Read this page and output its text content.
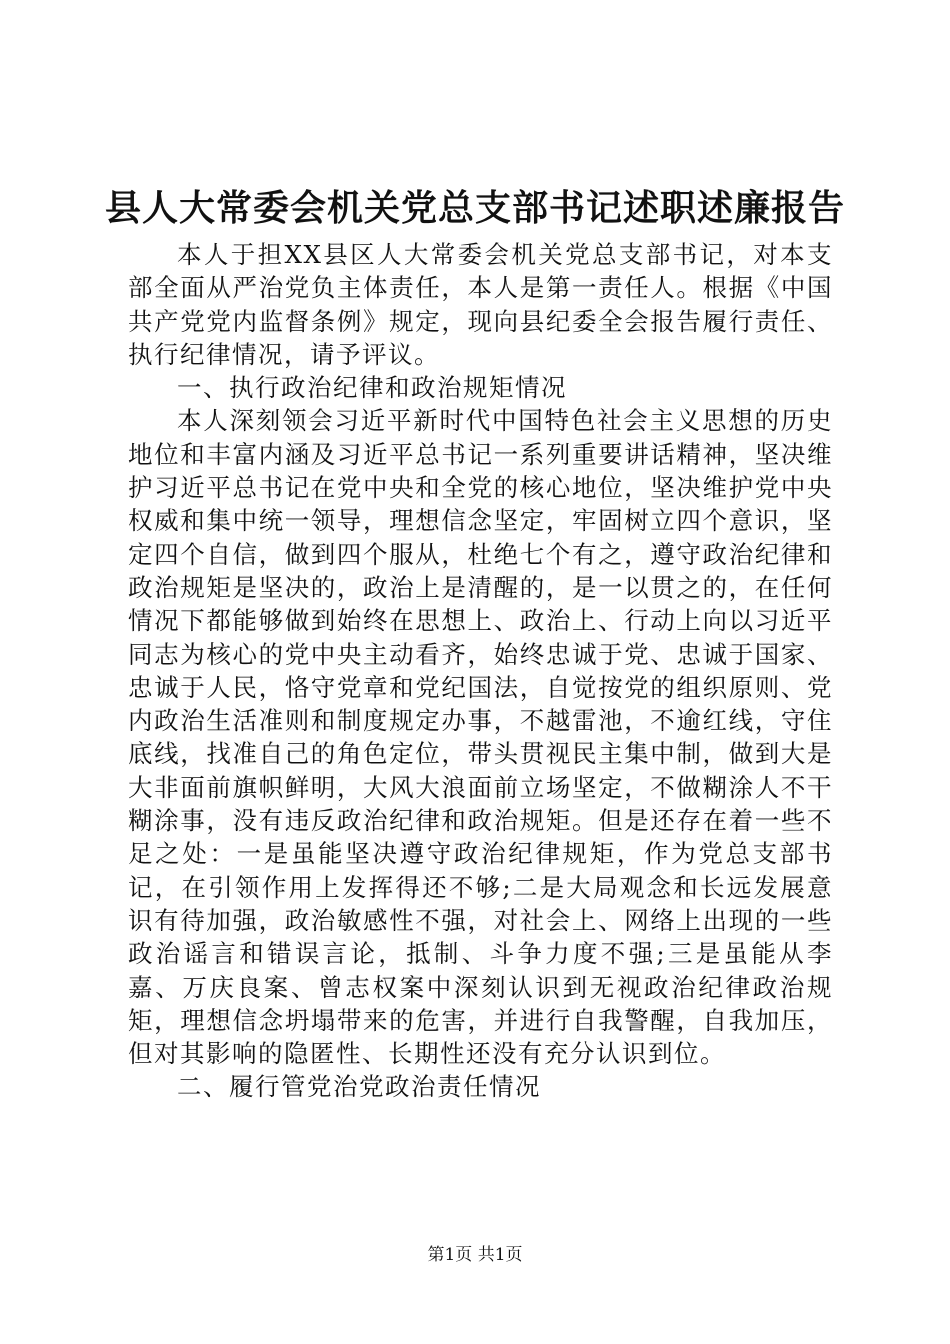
县人大常委会机关党总支部书记述职述廉报告

本人于担XX县区人大常委会机关党总支部书记，对本支部全面从严治党负主体责任，本人是第一责任人。根据《中国共产党党内监督条例》规定，现向县纪委全会报告履行责任、执行纪律情况，请予评议。

一、执行政治纪律和政治规矩情况

本人深刻领会习近平新时代中国特色社会主义思想的历史地位和丰富内涵及习近平总书记一系列重要讲话精神，坚决维护习近平总书记在党中央和全党的核心地位，坚决维护党中央权威和集中统一领导，理想信念坚定，牢固树立四个意识，坚定四个自信，做到四个服从，杜绝七个有之，遵守政治纪律和政治规矩是坚决的，政治上是清醒的，是一以贯之的，在任何情况下都能够做到始终在思想上、政治上、行动上向以习近平同志为核心的党中央主动看齐，始终忠诚于党、忠诚于国家、忠诚于人民，恪守党章和党纪国法，自觉按党的组织原则、党内政治生活准则和制度规定办事，不越雷池，不逾红线，守住底线，找准自己的角色定位，带头贯视民主集中制，做到大是大非面前旗帜鲜明，大风大浪面前立场坚定，不做糊涂人不干糊涂事，没有违反政治纪律和政治规矩。但是还存在着一些不足之处：一是虽能坚决遵守政治纪律规矩，作为党总支部书记，在引领作用上发挥得还不够;二是大局观念和长远发展意识有待加强，政治敏感性不强，对社会上、网络上出现的一些政治谣言和错误言论，抵制、斗争力度不强;三是虽能从李嘉、万庆良案、曾志权案中深刻认识到无视政治纪律政治规矩，理想信念坍塌带来的危害，并进行自我警醒，自我加压，但对其影响的隐匿性、长期性还没有充分认识到位。

二、履行管党治党政治责任情况

第1页 共1页
